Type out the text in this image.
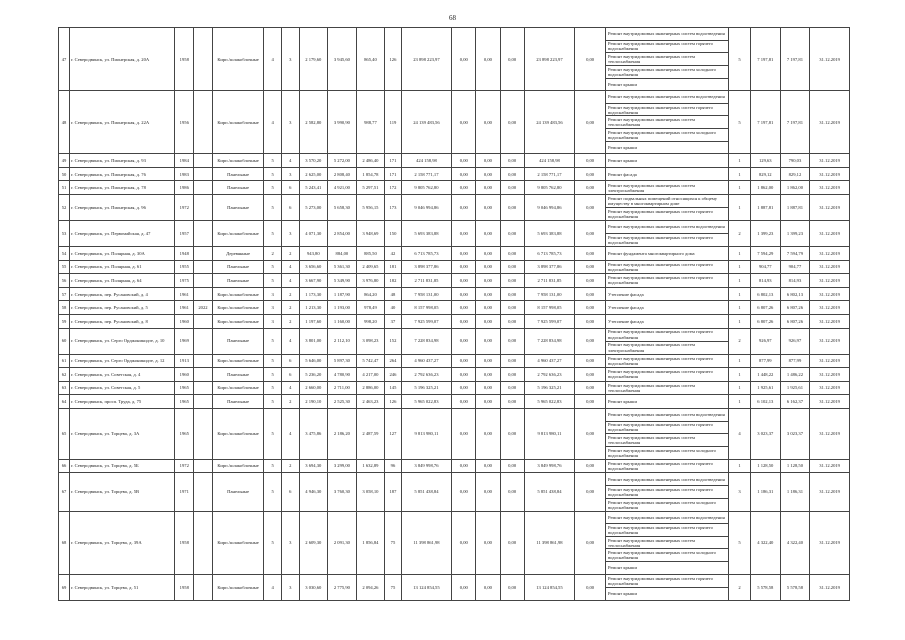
68
47	г. Северодвинск, ул. Пионерская, д. 20А	1958		Кирп./шлакоблочные	4	3	2 179,60	3 945,60	865,40	126	23 898 223,97	0,00	0,00	0,00	23 898 223,97	0,00	Ремонт внутридомовых инженерных систем водоотведения	5	7 197,81	7 197,81	31.12.2019
																	Ремонт внутридомовых инженерных систем горячего водоснабжения				
																	Ремонт внутридомовых инженерных систем теплоснабжения				
																	Ремонт внутридомовых инженерных систем холодного водоснабжения				
																	Ремонт крыши				
48	г. Северодвинск, ул. Пионерская, д. 22А	1956		Кирп./шлакоблочные	4	3	2 582,80	3 990,90	988,77	119	24 139 483,56	0,00	0,00	0,00	24 139 483,56	0,00	Ремонт внутридомовых инженерных систем водоотведения	5	7 197,81	7 197,81	31.12.2019
																	Ремонт внутридомовых инженерных систем горячего водоснабжения				
																	Ремонт внутридомовых инженерных систем теплоснабжения				
																	Ремонт внутридомовых инженерных систем холодного водоснабжения				
																	Ремонт крыши				
49	г. Северодвинск, ул. Пионерская, д. 93	1984		Кирп./шлакоблочные	5	4	3 570,20	5 272,00	2 486,40	171	424 158,98	0,00	0,00	0,00	424 158,98	0,00	Ремонт крыши	1	129,63	790,03	31.12.2019
50	г. Северодвинск, ул. Пионерская, д. 76	1983		Панельные	5	3	2 625,00	2 808,40	1 854,78	171	2 158 771,17	0,00	0,00	0,00	2 158 771,17	0,00	Ремонт фасада	1	829,12	829,12	31.12.2019
51	г. Северодвинск, ул. Пионерская, д. 78	1986		Панельные	5	6	5 243,41	4 921,00	5 297,51	172	9 805 762,80	0,00	0,00	0,00	9 805 762,80	0,00	Ремонт внутридомовых инженерных систем электроснабжения	1	1 862,00	1 862,00	31.12.2019
52	г. Северодвинск, ул. Пионерская, д. 96	1972		Панельные	5	6	5 273,00	5 658,30	5 956,15	173	9 046 994,86	0,00	0,00	0,00	9 046 994,86	0,00	Ремонт подвальных помещений относящихся к общему имуществу в многоквартирном доме	1	1 887,81	1 887,81	31.12.2019
																	Ремонт внутридомовых инженерных систем горячего водоснабжения				
53	г. Северодвинск, ул. Первомайская, д. 47	1957		Кирп./шлакоблочные	5	3	4 071,30	2 854,00	3 948,69	150	5 693 383,88	0,00	0,00	0,00	5 693 383,88	0,00	Ремонт внутридомовых инженерных систем водоотведения	2	1 399,23	1 399,23	31.12.2019
																	Ремонт внутридомовых инженерных систем горячего водоснабжения				
54	г. Северодвинск, ул. Полярная, д. 30А	1948		Деревянные	2	2	943,80	884,00	885,50	42	6 713 785,73	0,00	0,00	0,00	6 713 785,73	0,00	Ремонт фундамента многоквартирного дома	1	7 594,29	7 594,79	31.12.2019
55	г. Северодвинск, ул. Полярная, д. 61	1955		Панельные	5	4	3 656,60	5 361,30	2 409,65	181	3 898 377,86	0,00	0,00	0,00	3 898 377,86	0,00	Ремонт внутридомовых инженерных систем горячего водоснабжения	1	904,77	904,77	31.12.2019
56	г. Северодвинск, ул. Полярная, д. 64	1975		Панельные	5	4	3 667,90	5 349,90	3 976,80	182	2 711 831,85	0,00	0,00	0,00	2 711 831,85	0,00	Ремонт внутридомовых инженерных систем горячего водоснабжения	1	814,93	814,93	31.12.2019
57	г. Северодвинск, пер. Русановский, д. 4	1961		Кирп./шлакоблочные	3	2	1 173,30	1 187,90	864,20	48	7 958 131,00	0,00	0,00	0,00	7 958 131,00	0,00	Утепление фасада	1	6 802,13	6 802,13	31.12.2019
58	г. Северодвинск, пер. Русановский, д. 5	1961	2022	Кирп./шлакоблочные	3	2	1 213,30	1 193,00	978,49	40	8 157 998,05	0,00	0,00	0,00	8 157 998,05	0,00	Утепление фасада	1	6 807,26	6 807,26	31.12.2019
59	г. Северодвинск, пер. Русановский, д. 8	1960		Кирп./шлакоблочные	3	2	1 197,60	1 160,00	998,20	37	7 925 599,07	0,00	0,00	0,00	7 925 599,07	0,00	Утепление фасада	1	6 807,26	6 807,26	31.12.2019
60	г. Северодвинск, ул. Серго Орджоникидзе, д. 10	1969		Панельные	5	4	3 801,00	2 112,10	3 098,23	152	7 228 834,98	0,00	0,00	0,00	7 228 834,98	0,00	Ремонт внутридомовых инженерных систем горячего водоснабжения	2	926,97	926,97	31.12.2019
																	Ремонт внутридомовых инженерных систем электроснабжения				
61	г. Северодвинск, ул. Серго Орджоникидзе, д. 12	1913		Кирп./шлакоблочные	5	6	5 646,00	5 897,30	5 742,47	264	4 960 437,27	0,00	0,00	0,00	4 960 437,27	0,00	Ремонт внутридомовых инженерных систем горячего водоснабжения	1	877,99	877,99	31.12.2019
62	г. Северодвинск, ул. Советская, д. 4	1960		Панельные	5	6	5 236,20	4 780,90	4 217,00	246	2 792 636,23	0,00	0,00	0,00	2 792 636,23	0,00	Ремонт внутридомовых инженерных систем горячего водоснабжения	1	1 448,22	1 486,22	31.12.2019
63	г. Северодвинск, ул. Советская, д. 5	1965		Кирп./шлакоблочные	5	4	2 660,00	2 711,00	2 886,00	145	5 196 325,21	0,00	0,00	0,00	5 196 325,21	0,00	Ремонт внутридомовых инженерных систем теплоснабжения	1	1 925,61	1 925,61	31.12.2019
64	г. Северодвинск, просп. Труда, д. 75	1965		Панельные	5	2	2 190,10	2 525,30	2 463,23	126	5 965 022,83	0,00	0,00	0,00	5 965 022,83	0,00	Ремонт крыши	1	6 102,13	6 162,37	31.12.2019
65	г. Северодвинск, ул. Торцева, д. 3А	1965		Кирп./шлакоблочные	5	4	3 475,86	2 186,20	2 487,59	127	9 813 980,11	0,00	0,00	0,00	9 813 980,11	0,00	Ремонт внутридомовых инженерных систем водоотведения	4	3 023,37	3 023,37	31.12.2019
																	Ремонт внутридомовых инженерных систем горячего водоснабжения				
																	Ремонт внутридомовых инженерных систем теплоснабжения				
																	Ремонт внутридомовых инженерных систем холодного водоснабжения				
66	г. Северодвинск, ул. Торцева, д. 5Б	1972		Кирп./шлакоблочные	5	2	3 694,30	3 299,00	1 632,89	96	3 849 998,76	0,00	0,00	0,00	3 849 998,76	0,00	Ремонт внутридомовых инженерных систем горячего водоснабжения	1	1 128,50	1 128,50	31.12.2019
67	г. Северодвинск, ул. Торцева, д. 5В	1971		Панельные	5	6	4 946,30	3 760,30	3 058,10	187	5 851 438,84	0,00	0,00	0,00	5 851 438,84	0,00	Ремонт внутридомовых инженерных систем водоотведения	3	1 186,31	1 186,31	31.12.2019
																	Ремонт внутридомовых инженерных систем горячего водоснабжения				
																	Ремонт внутридомовых инженерных систем холодного водоснабжения				
68	г. Северодвинск, ул. Торцева, д. 39А	1958		Кирп./шлакоблочные	5	3	2 609,30	2 091,30	1 856,84	75	11 398 861,98	0,00	0,00	0,00	11 398 861,98	0,00	Ремонт внутридомовых инженерных систем водоотведения	5	4 322,40	4 322,40	31.12.2019
																	Ремонт внутридомовых инженерных систем горячего водоснабжения				
																	Ремонт внутридомовых инженерных систем теплоснабжения				
																	Ремонт внутридомовых инженерных систем холодного водоснабжения				
																	Ремонт крыши				
69	г. Северодвинск, ул. Торцева, д. 51	1958		Кирп./шлакоблочные	4	3	3 030,60	2 775,90	2 094,26	75	13 124 854,55	0,00	0,00	0,00	13 124 854,55	0,00	Ремонт внутридомовых инженерных систем горячего водоснабжения	2	5 578,58	5 578,58	31.12.2019
																	Ремонт крыши				
